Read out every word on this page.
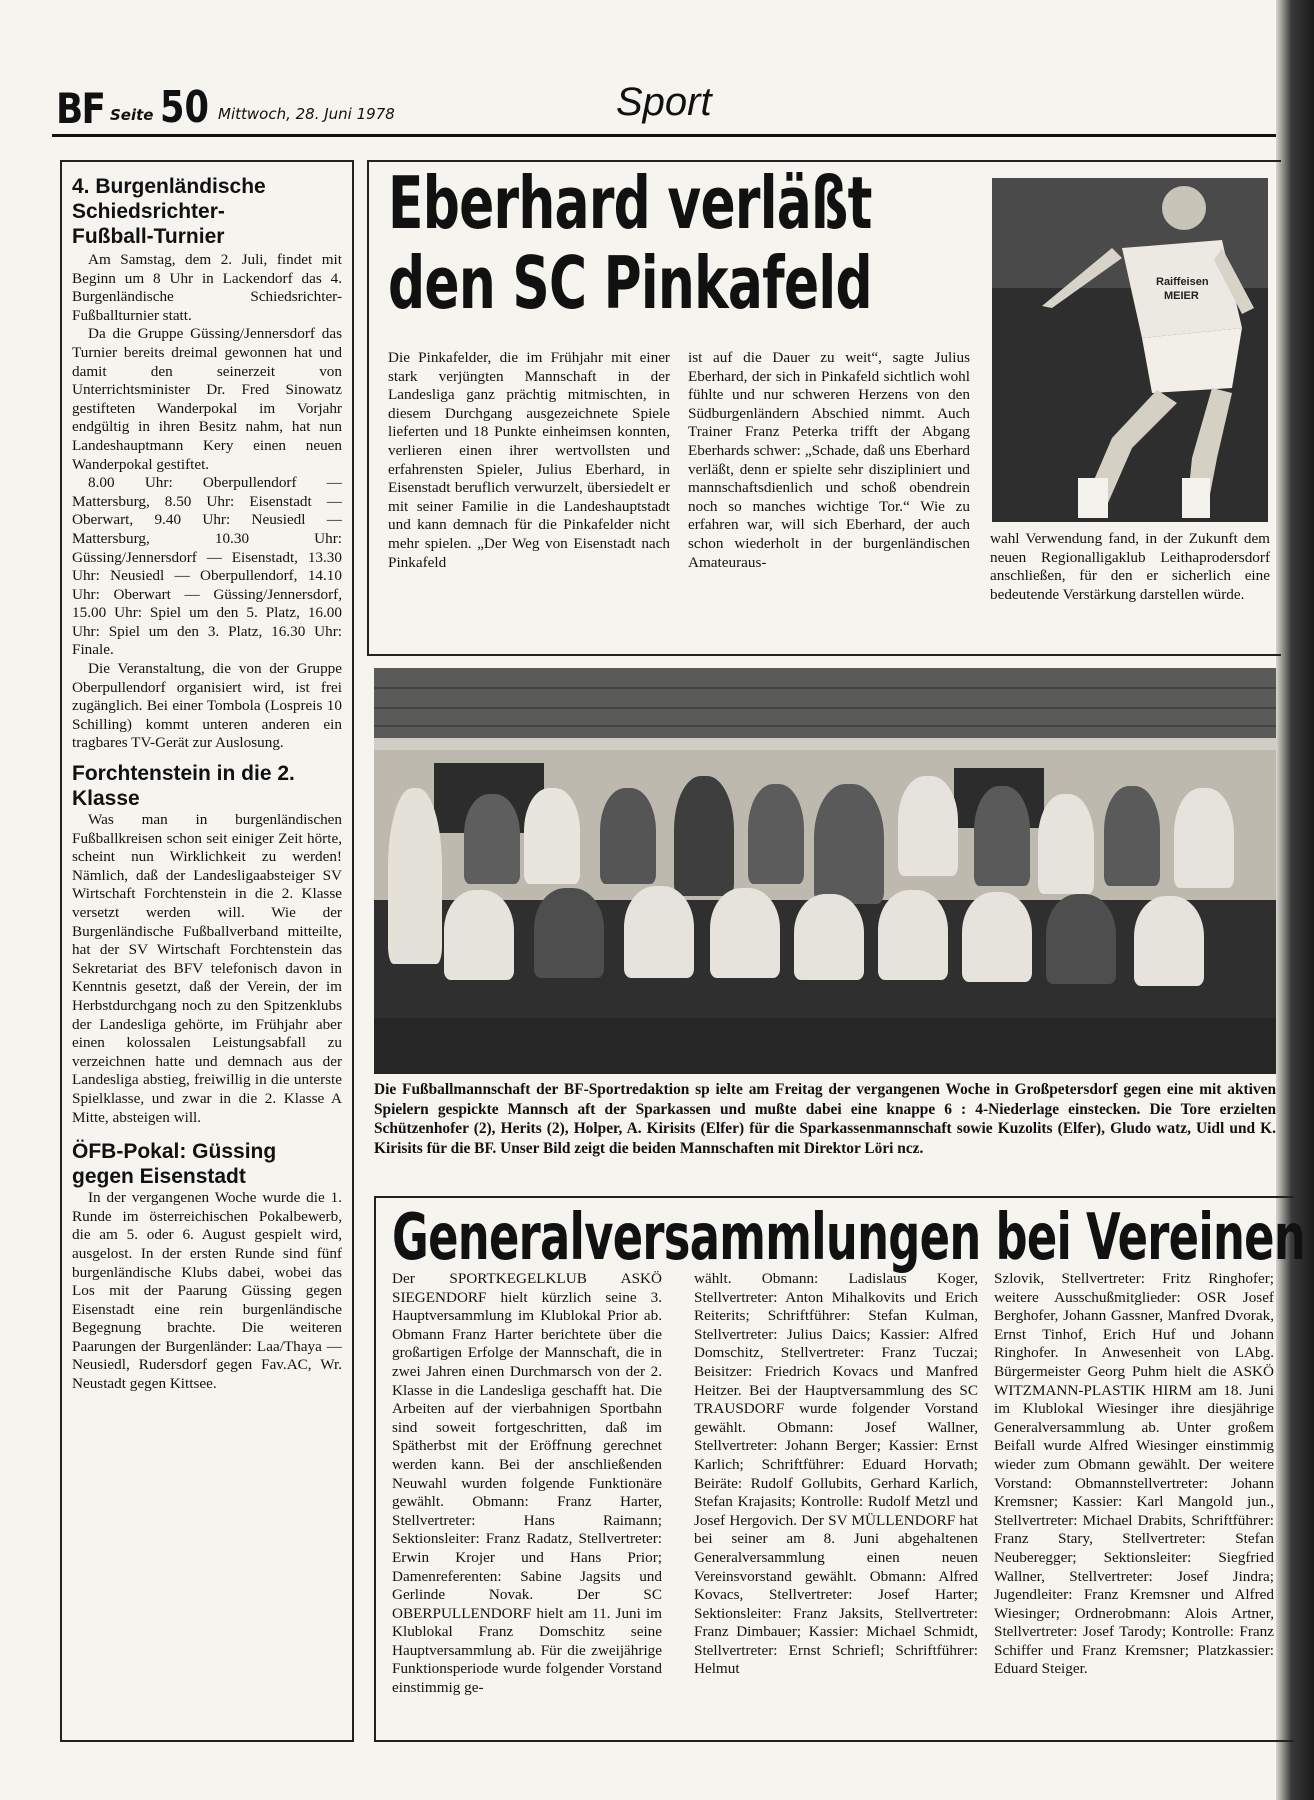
BF Seite 50 Mittwoch, 28. Juni 1978	Sport
4. Burgenländische Schiedsrichter-Fußball-Turnier

Am Samstag, dem 2. Juli, findet mit Beginn um 8 Uhr in Lackendorf das 4. Burgenländische Schiedsrichter-Fußballturnier statt.

Da die Gruppe Güssing/Jennersdorf das Turnier bereits dreimal gewonnen hat und damit den seinerzeit von Unterrichtsminister Dr. Fred Sinowatz gestifteten Wanderpokal im Vorjahr endgültig in ihren Besitz nahm, hat nun Landeshauptmann Kery einen neuen Wanderpokal gestiftet.

8.00 Uhr: Oberpullendorf — Mattersburg, 8.50 Uhr: Eisenstadt — Oberwart, 9.40 Uhr: Neusiedl — Mattersburg, 10.30 Uhr: Güssing/Jennersdorf — Eisenstadt, 13.30 Uhr: Neusiedl — Oberpullendorf, 14.10 Uhr: Oberwart — Güssing/Jennersdorf, 15.00 Uhr: Spiel um den 5. Platz, 16.00 Uhr: Spiel um den 3. Platz, 16.30 Uhr: Finale.

Die Veranstaltung, die von der Gruppe Oberpullendorf organisiert wird, ist frei zugänglich. Bei einer Tombola (Lospreis 10 Schilling) kommt unteren anderen ein tragbares TV-Gerät zur Auslosung.

Forchtenstein in die 2. Klasse

Was man in burgenländischen Fußballkreisen schon seit einiger Zeit hörte, scheint nun Wirklichkeit zu werden! Nämlich, daß der Landesligaabsteiger SV Wirtschaft Forchtenstein in die 2. Klasse versetzt werden will. Wie der Burgenländische Fußballverband mitteilte, hat der SV Wirtschaft Forchtenstein das Sekretariat des BFV telefonisch davon in Kenntnis gesetzt, daß der Verein, der im Herbstdurchgang noch zu den Spitzenklubs der Landesliga gehörte, im Frühjahr aber einen kolossalen Leistungsabfall zu verzeichnen hatte und demnach aus der Landesliga abstieg, freiwillig in die unterste Spielklasse, und zwar in die 2. Klasse A Mitte, absteigen will.

ÖFB-Pokal: Güssing gegen Eisenstadt

In der vergangenen Woche wurde die 1. Runde im österreichischen Pokalbewerb, die am 5. oder 6. August gespielt wird, ausgelost. In der ersten Runde sind fünf burgenländische Klubs dabei, wobei das Los mit der Paarung Güssing gegen Eisenstadt eine rein burgenländische Begegnung brachte. Die weiteren Paarungen der Burgenländer: Laa/Thaya — Neusiedl, Rudersdorf gegen Fav.AC, Wr. Neustadt gegen Kittsee.

Eberhard verläßt
den SC Pinkafeld
Die Pinkafelder, die im Frühjahr mit einer stark verjüngten Mannschaft in der Landesliga ganz prächtig mitmischten, in diesem Durchgang ausgezeichnete Spiele lieferten und 18 Punkte einheimsen konnten, verlieren einen ihrer wertvollsten und erfahrensten Spieler, Julius Eberhard, in Eisenstadt beruflich verwurzelt, übersiedelt er mit seiner Familie in die Landeshauptstadt und kann demnach für die Pinkafelder nicht mehr spielen. „Der Weg von Eisenstadt nach Pinkafeld
ist auf die Dauer zu weit“, sagte Julius Eberhard, der sich in Pinkafeld sichtlich wohl fühlte und nur schweren Herzens von den Südburgenländern Abschied nimmt. Auch Trainer Franz Peterka trifft der Abgang Eberhards schwer: „Schade, daß uns Eberhard verläßt, denn er spielte sehr diszipliniert und mannschaftsdienlich und schoß obendrein noch so manches wichtige Tor.“ Wie zu erfahren war, will sich Eberhard, der auch schon wiederholt in der burgenländischen Amateuraus-
wahl Verwendung fand, in der Zukunft dem neuen Regionalligaklub Leithaprodersdorf anschließen, für den er sicherlich eine bedeutende Verstärkung darstellen würde.
Raiffeisen
MEIER
Die Fußballmannschaft der BF-Sportredaktion sp ielte am Freitag der vergangenen Woche in Großpetersdorf gegen eine mit aktiven Spielern gespickte Mannsch aft der Sparkassen und mußte dabei eine knappe 6 : 4-Niederlage einstecken. Die Tore erzielten Schützenhofer (2), Herits (2), Holper, A. Kirisits (Elfer) für die Sparkassenmannschaft sowie Kuzolits (Elfer), Gludo watz, Uidl und K. Kirisits für die BF. Unser Bild zeigt die beiden Mannschaften mit Direktor Löri ncz.
Generalversammlungen bei Vereinen
Der SPORTKEGELKLUB ASKÖ SIEGENDORF hielt kürzlich seine 3. Hauptversammlung im Klublokal Prior ab. Obmann Franz Harter berichtete über die großartigen Erfolge der Mannschaft, die in zwei Jahren einen Durchmarsch von der 2. Klasse in die Landesliga geschafft hat. Die Arbeiten auf der vierbahnigen Sportbahn sind soweit fortgeschritten, daß im Spätherbst mit der Eröffnung gerechnet werden kann. Bei der anschließenden Neuwahl wurden folgende Funktionäre gewählt. Obmann: Franz Harter, Stellvertreter: Hans Raimann; Sektionsleiter: Franz Radatz, Stellvertreter: Erwin Krojer und Hans Prior; Damenreferenten: Sabine Jagsits und Gerlinde Novak. Der SC OBERPULLENDORF hielt am 11. Juni im Klublokal Franz Domschitz seine Hauptversammlung ab. Für die zweijährige Funktionsperiode wurde folgender Vorstand einstimmig ge-
wählt. Obmann: Ladislaus Koger, Stellvertreter: Anton Mihalkovits und Erich Reiterits; Schriftführer: Stefan Kulman, Stellvertreter: Julius Daics; Kassier: Alfred Domschitz, Stellvertreter: Franz Tuczai; Beisitzer: Friedrich Kovacs und Manfred Heitzer. Bei der Hauptversammlung des SC TRAUSDORF wurde folgender Vorstand gewählt. Obmann: Josef Wallner, Stellvertreter: Johann Berger; Kassier: Ernst Karlich; Schriftführer: Eduard Horvath; Beiräte: Rudolf Gollubits, Gerhard Karlich, Stefan Krajasits; Kontrolle: Rudolf Metzl und Josef Hergovich. Der SV MÜLLENDORF hat bei seiner am 8. Juni abgehaltenen Generalversammlung einen neuen Vereinsvorstand gewählt. Obmann: Alfred Kovacs, Stellvertreter: Josef Harter; Sektionsleiter: Franz Jaksits, Stellvertreter: Franz Dimbauer; Kassier: Michael Schmidt, Stellvertreter: Ernst Schriefl; Schriftführer: Helmut
Szlovik, Stellvertreter: Fritz Ringhofer; weitere Ausschußmitglieder: OSR Josef Berghofer, Johann Gassner, Manfred Dvorak, Ernst Tinhof, Erich Huf und Johann Ringhofer. In Anwesenheit von LAbg. Bürgermeister Georg Puhm hielt die ASKÖ WITZMANN-PLASTIK HIRM am 18. Juni im Klublokal Wiesinger ihre diesjährige Generalversammlung ab. Unter großem Beifall wurde Alfred Wiesinger einstimmig wieder zum Obmann gewählt. Der weitere Vorstand: Obmannstellvertreter: Johann Kremsner; Kassier: Karl Mangold jun., Stellvertreter: Michael Drabits, Schriftführer: Franz Stary, Stellvertreter: Stefan Neuberegger; Sektionsleiter: Siegfried Wallner, Stellvertreter: Josef Jindra; Jugendleiter: Franz Kremsner und Alfred Wiesinger; Ordnerobmann: Alois Artner, Stellvertreter: Josef Tarody; Kontrolle: Franz Schiffer und Franz Kremsner; Platzkassier: Eduard Steiger.
